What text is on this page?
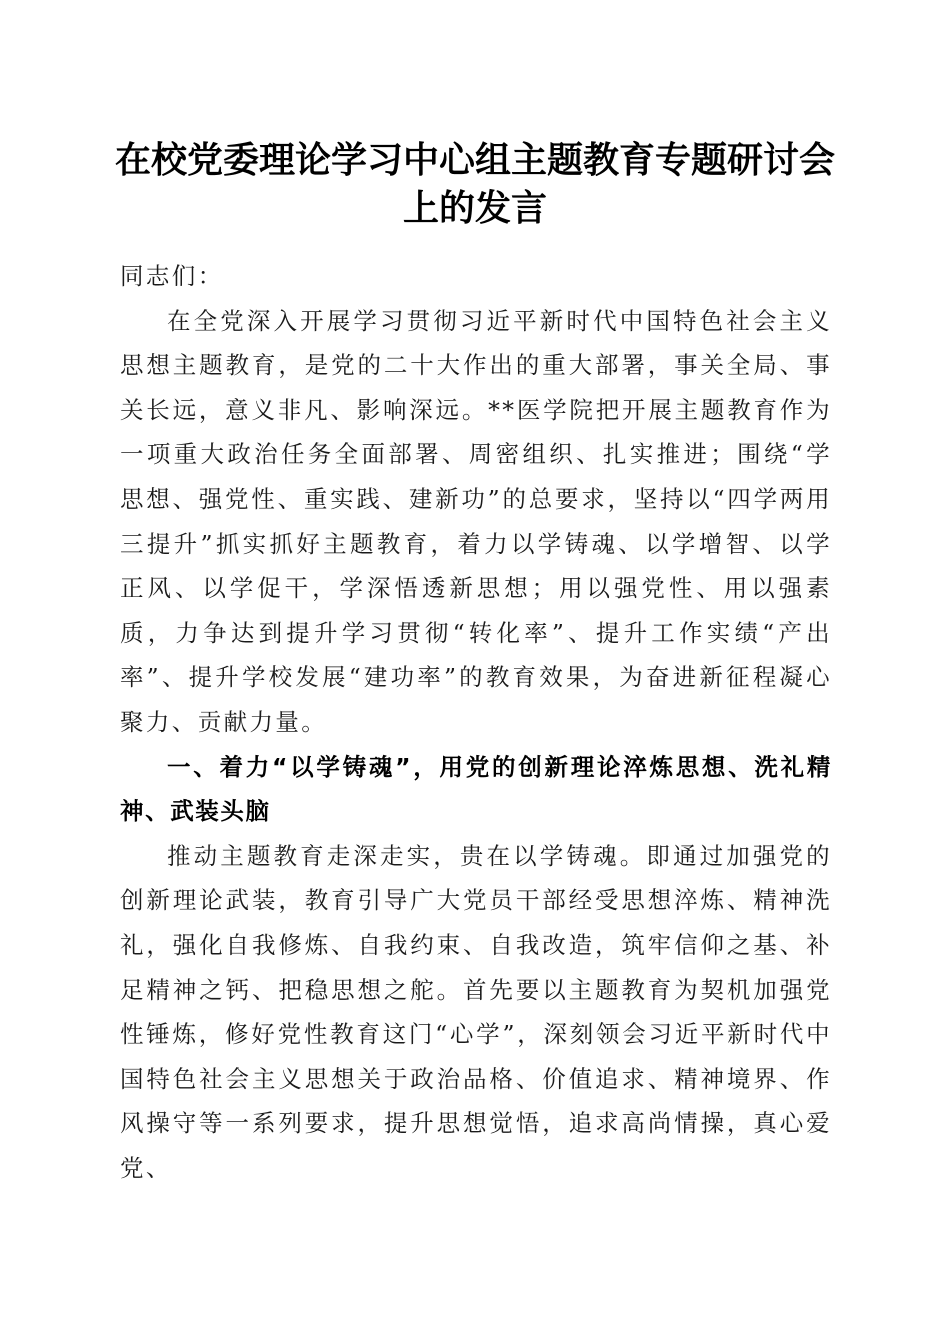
在校党委理论学习中心组主题教育专题研讨会上的发言

同志们：

在全党深入开展学习贯彻习近平新时代中国特色社会主义思想主题教育，是党的二十大作出的重大部署，事关全局、事关长远，意义非凡、影响深远。**医学院把开展主题教育作为一项重大政治任务全面部署、周密组织、扎实推进；围绕“学思想、强党性、重实践、建新功”的总要求，坚持以“四学两用三提升”抓实抓好主题教育，着力以学铸魂、以学增智、以学正风、以学促干，学深悟透新思想；用以强党性、用以强素质，力争达到提升学习贯彻“转化率”、提升工作实绩“产出率”、提升学校发展“建功率”的教育效果，为奋进新征程凝心聚力、贡献力量。

一、着力“以学铸魂”，用党的创新理论淬炼思想、洗礼精神、武装头脑

推动主题教育走深走实，贵在以学铸魂。即通过加强党的创新理论武装，教育引导广大党员干部经受思想淬炼、精神洗礼，强化自我修炼、自我约束、自我改造，筑牢信仰之基、补足精神之钙、把稳思想之舵。首先要以主题教育为契机加强党性锤炼，修好党性教育这门“心学”，深刻领会习近平新时代中国特色社会主义思想关于政治品格、价值追求、精神境界、作风操守等一系列要求，提升思想觉悟，追求高尚情操，真心爱党、
